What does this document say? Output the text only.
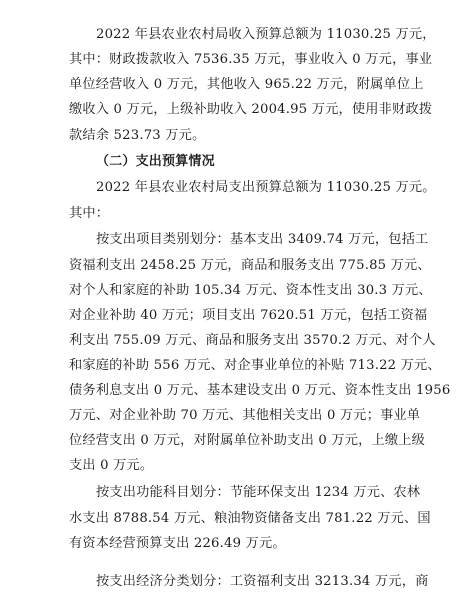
2022 年县农业农村局收入预算总额为 11030.25 万元，
其中：财政拨款收入 7536.35 万元，事业收入 0 万元，事业
单位经营收入 0 万元，其他收入 965.22 万元，附属单位上
缴收入 0 万元，上级补助收入 2004.95 万元，使用非财政拨
款结余 523.73 万元。
（二）支出预算情况
2022 年县农业农村局支出预算总额为 11030.25 万元。
其中：
按支出项目类别划分：基本支出 3409.74 万元，包括工
资福利支出 2458.25 万元，商品和服务支出 775.85 万元、
对个人和家庭的补助 105.34 万元、资本性支出 30.3 万元、
对企业补助 40 万元；项目支出 7620.51 万元，包括工资福
利支出 755.09 万元、商品和服务支出 3570.2 万元、对个人
和家庭的补助 556 万元、对企事业单位的补贴 713.22 万元、
债务利息支出 0 万元、基本建设支出 0 万元、资本性支出 1956
万元、对企业补助 70 万元、其他相关支出 0 万元；事业单
位经营支出 0 万元，对附属单位补助支出 0 万元，上缴上级
支出 0 万元。
按支出功能科目划分：节能环保支出 1234 万元、农林
水支出 8788.54 万元、粮油物资储备支出 781.22 万元、国
有资本经营预算支出 226.49 万元。
按支出经济分类划分：工资福利支出 3213.34 万元，商
